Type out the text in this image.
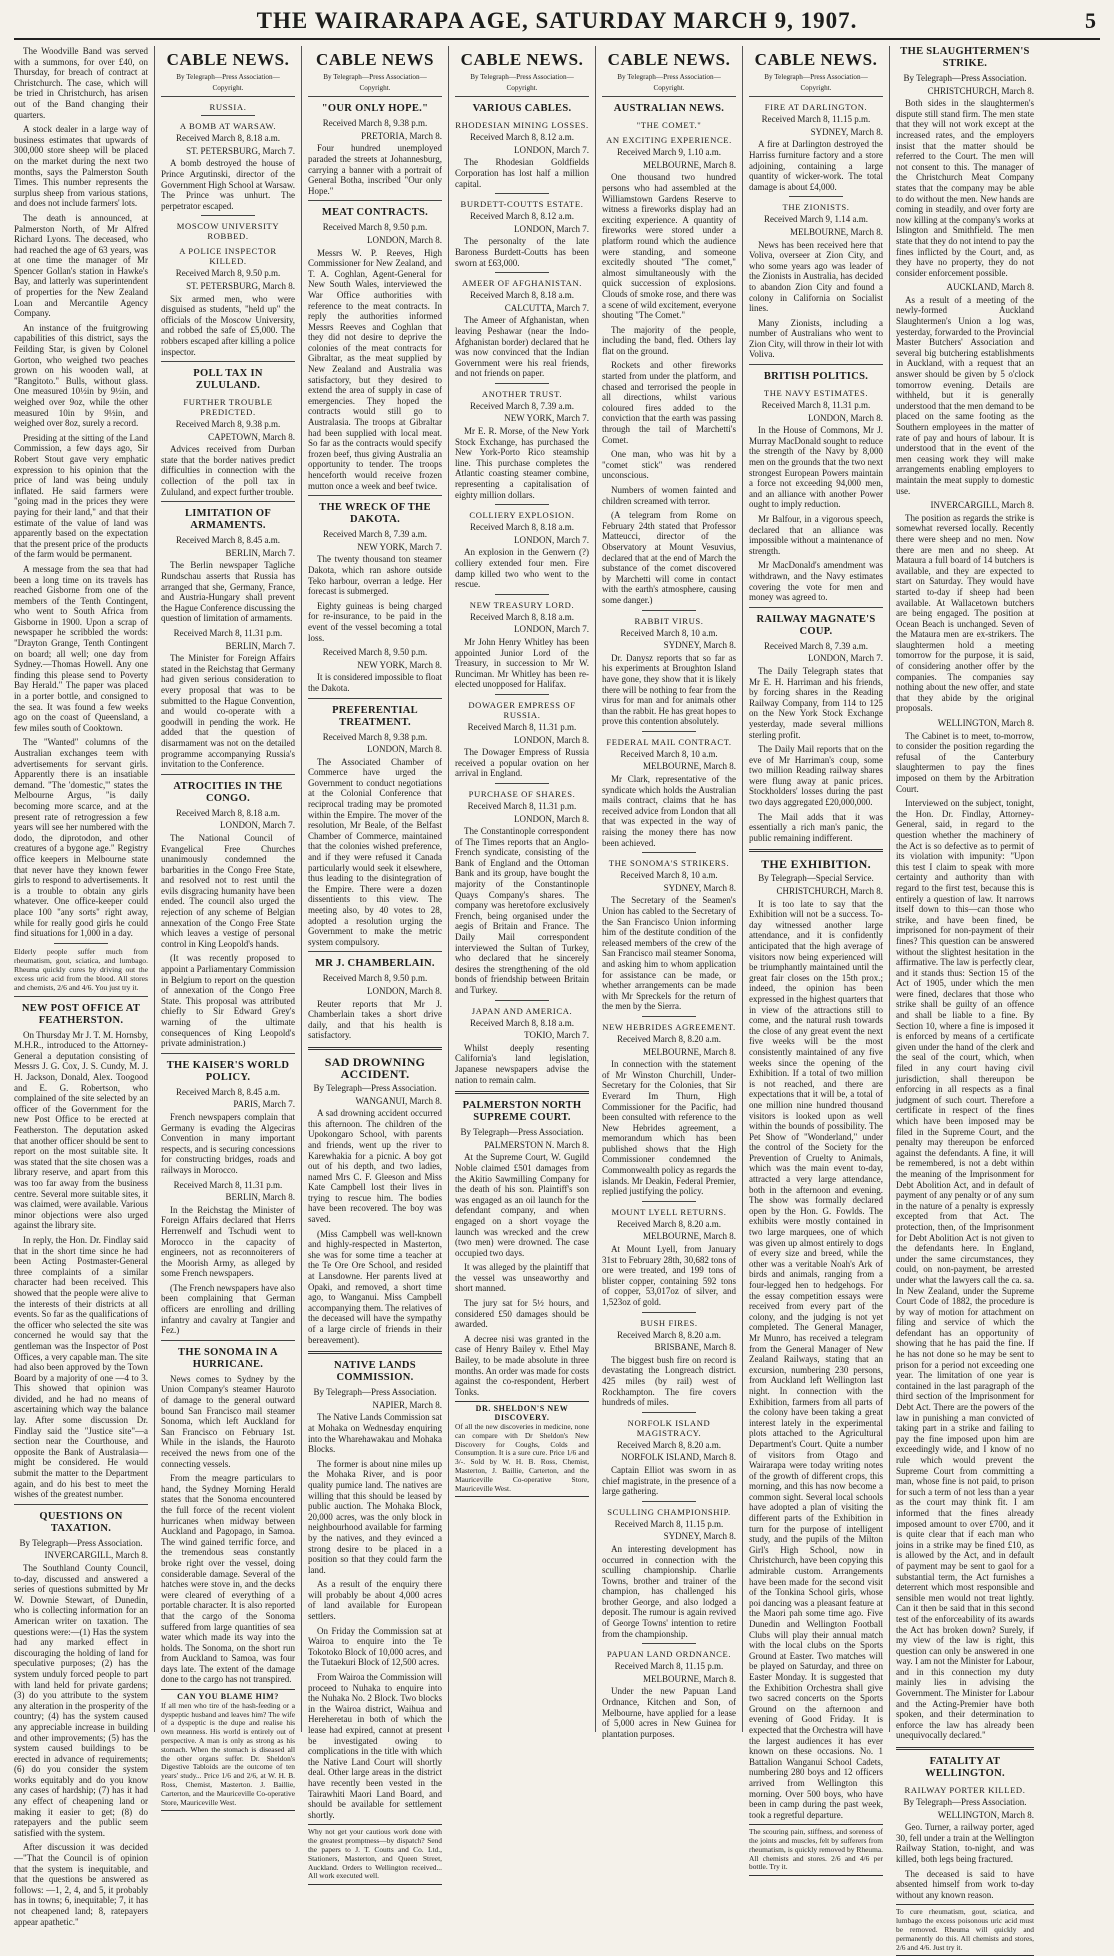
THE WAIRARAPA AGE, SATURDAY MARCH 9, 1907.	5

The Woodville Band was served with a summons, for over £40, on Thursday, for breach of contract at Christchurch. The case, which will be tried in Christchurch, has arisen out of the Band changing their quarters.

A stock dealer in a large way of business estimates that upwards of 300,000 store sheep will be placed on the market during the next two months, says the Palmerston South Times. This number represents the surplus sheep from various stations, and does not include farmers' lots.

The death is announced, at Palmerston North, of Mr Alfred Richard Lyons. The deceased, who had reached the age of 63 years, was at one time the manager of Mr Spencer Gollan's station in Hawke's Bay, and latterly was superintendent of properties for the New Zealand Loan and Mercantile Agency Company.

An instance of the fruitgrowing capabilities of this district, says the Feilding Star, is given by Colonel Gorton, who weighed two peaches grown on his wooden wall, at "Rangitoto." Bulls, without glass. One measured 10½in by 9½in, and weighed over 9oz, while the other measured 10in by 9½in, and weighed over 8oz, surely a record.

Presiding at the sitting of the Land Commission, a few days ago, Sir Robert Stout gave very emphatic expression to his opinion that the price of land was being unduly inflated. He said farmers were "going mad in the prices they were paying for their land," and that their estimate of the value of land was apparently based on the expectation that the present price of the products of the farm would be permanent.

A message from the sea that had been a long time on its travels has reached Gisborne from one of the members of the Tenth Contingent, who went to South Africa from Gisborne in 1900. Upon a scrap of newspaper he scribbled the words: "Drayton Grange, Tenth Contingent on board; all well; one day from Sydney.—Thomas Howell. Any one finding this please send to Poverty Bay Herald." The paper was placed in a porter bottle, and consigned to the sea. It was found a few weeks ago on the coast of Queensland, a few miles south of Cooktown.

The "Wanted" columns of the Australian exchanges teem with advertisements for servant girls. Apparently there is an insatiable demand. "The 'domestic,'" states the Melbourne Argus, "is daily becoming more scarce, and at the present rate of retrogression a few years will see her numbered with the dodo, the diprotodon, and other creatures of a bygone age." Registry office keepers in Melbourne state that never have they known fewer girls to respond to advertisements. It is a trouble to obtain any girls whatever. One office-keeper could place 100 "any sorts" right away, while for really good girls he could find situations for 1,000 in a day.

Elderly people suffer much from rheumatism, gout, sciatica, and lumbago. Rheuma quickly cures by driving out the excess uric acid from the blood. All stores and chemists, 2/6 and 4/6. You just try it.

NEW POST OFFICE AT FEATHERSTON.

On Thursday Mr J. T. M. Hornsby, M.H.R., introduced to the Attorney-General a deputation consisting of Messrs J. G. Cox, J. S. Cundy, M. J. H. Jackson, Donald, Alex. Toogood and E. G. Robertson, who complained of the site selected by an officer of the Government for the new Post Office to be erected at Featherston. The deputation asked that another officer should be sent to report on the most suitable site. It was stated that the site chosen was a library reserve, and apart from this was too far away from the business centre. Several more suitable sites, it was claimed, were available. Various minor objections were also urged against the library site.

In reply, the Hon. Dr. Findlay said that in the short time since he had been Acting Postmaster-General three complaints of a similar character had been received. This showed that the people were alive to the interests of their districts at all events. So far as the qualifications of the officer who selected the site was concerned he would say that the gentleman was the Inspector of Post Offices, a very capable man. The site had also been approved by the Town Board by a majority of one —4 to 3. This showed that opinion was divided, and he had no means of ascertaining which way the balance lay. After some discussion Dr. Findlay said the "Justice site"—a section near the Courthouse, and opposite the Bank of Australasia—might be considered. He would submit the matter to the Department again, and do his best to meet the wishes of the greatest number.

QUESTIONS ON TAXATION.

By Telegraph—Press Association.

INVERCARGILL, March 8.

The Southland County Council, to-day, discussed and answered a series of questions submitted by Mr W. Downie Stewart, of Dunedin, who is collecting information for an American writer on taxation. The questions were:—(1) Has the system had any marked effect in discouraging the holding of land for speculative purposes; (2) has the system unduly forced people to part with land held for private gardens; (3) do you attribute to the system any alteration in the prosperity of the country; (4) has the system caused any appreciable increase in building and other improvements; (5) has the system caused buildings to be erected in advance of requirements; (6) do you consider the system works equitably and do you know any cases of hardship; (7) has it had any effect of cheapening land or making it easier to get; (8) do ratepayers and the public seem satisfied with the system.

After discussion it was decided—"That the Council is of opinion that the system is inequitable, and that the questions be answered as follows: —1, 2, 4, and 5, it probably has in towns; 6, inequitable; 7, it has not cheapened land; 8, ratepayers appear apathetic."

CABLE NEWS.
By Telegraph—Press Association—Copyright.
RUSSIA.
A BOMB AT WARSAW.

Received March 8, 8.18 a.m.

ST. PETERSBURG, March 7.

A bomb destroyed the house of Prince Argutinski, director of the Government High School at Warsaw. The Prince was unhurt. The perpetrator escaped.

MOSCOW UNIVERSITY ROBBED.
A POLICE INSPECTOR KILLED.

Received March 8, 9.50 p.m.

ST. PETERSBURG, March 8.

Six armed men, who were disguised as students, "held up" the officials of the Moscow University, and robbed the safe of £5,000. The robbers escaped after killing a police inspector.

POLL TAX IN ZULULAND.
FURTHER TROUBLE PREDICTED.

Received March 8, 9.38 p.m.

CAPETOWN, March 8.

Advices received from Durban state that the border natives predict difficulties in connection with the collection of the poll tax in Zululand, and expect further trouble.

LIMITATION OF ARMAMENTS.

Received March 8, 8.45 a.m.

BERLIN, March 7.

The Berlin newspaper Tagliche Rundschau asserts that Russia has arranged that she, Germany, France, and Austria-Hungary shall prevent the Hague Conference discussing the question of limitation of armaments.

Received March 8, 11.31 p.m.

BERLIN, March 7.

The Minister for Foreign Affairs stated in the Reichstag that Germany had given serious consideration to every proposal that was to be submitted to the Hague Convention, and would co-operate with a goodwill in pending the work. He added that the question of disarmament was not on the detailed programme accompanying Russia's invitation to the Conference.

ATROCITIES IN THE CONGO.

Received March 8, 8.18 a.m.

LONDON, March 7.

The National Council of Evangelical Free Churches unanimously condemned the barbarities in the Congo Free State, and resolved not to rest until the evils disgracing humanity have been ended. The council also urged the rejection of any scheme of Belgian annexation of the Congo Free State which leaves a vestige of personal control in King Leopold's hands.

(It was recently proposed to appoint a Parliamentary Commission in Belgium to report on the question of annexation of the Congo Free State. This proposal was attributed chiefly to Sir Edward Grey's warning of the ultimate consequences of King Leopold's private administration.)

THE KAISER'S WORLD POLICY.

Received March 8, 8.45 a.m.

PARIS, March 7.

French newspapers complain that Germany is evading the Algeciras Convention in many important respects, and is securing concessions for constructing bridges, roads and railways in Morocco.

Received March 8, 11.31 p.m.

BERLIN, March 8.

In the Reichstag the Minister of Foreign Affairs declared that Herrs Herrenwelf and Tschudi went to Morocco in the capacity of engineers, not as reconnoiterers of the Moorish Army, as alleged by some French newspapers.

(The French newspapers have also been complaining that German officers are enrolling and drilling infantry and cavalry at Tangier and Fez.)

THE SONOMA IN A HURRICANE.

News comes to Sydney by the Union Company's steamer Hauroto of damage to the general outward bound San Francisco mail steamer Sonoma, which left Auckland for San Francisco on February 1st. While in the islands, the Hauroto received the news from one of the connecting vessels.

From the meagre particulars to hand, the Sydney Morning Herald states that the Sonoma encountered the full force of the recent violent hurricanes when midway between Auckland and Pagopago, in Samoa. The wind gained terrific force, and the tremendous seas constantly broke right over the vessel, doing considerable damage. Several of the hatches were stove in, and the decks were cleared of everything of a portable character. It is also reported that the cargo of the Sonoma suffered from large quantities of sea water which made its way into the holds. The Sonoma, on the short run from Auckland to Samoa, was four days late. The extent of the damage done to the cargo has not transpired.

CAN YOU BLAME HIM?
If all men who tire of the hash-feeding or a dyspeptic husband and leaves him? The wife of a dyspeptic is the dupe and realise his own meanness. His world is entirely out of perspective. A man is only as strong as his stomach. When the stomach is diseased all the other organs suffer. Dr. Sheldon's Digestive Tabloids are the outcome of ten years' study... Price 1/6 and 2/6, at W. H. B. Ross, Chemist, Masterton. J. Baillie, Carterton, and the Mauriceville Co-operative Store, Mauriceville West.
CABLE NEWS
By Telegraph—Press Association—Copyright.
"OUR ONLY HOPE."

Received March 8, 9.38 p.m.

PRETORIA, March 8.

Four hundred unemployed paraded the streets at Johannesburg, carrying a banner with a portrait of General Botha, inscribed "Our only Hope."

MEAT CONTRACTS.

Received March 8, 9.50 p.m.

LONDON, March 8.

Messrs W. P. Reeves, High Commissioner for New Zealand, and T. A. Coghlan, Agent-General for New South Wales, interviewed the War Office authorities with reference to the meat contracts. In reply the authorities informed Messrs Reeves and Coghlan that they did not desire to deprive the colonies of the meat contracts for Gibraltar, as the meat supplied by New Zealand and Australia was satisfactory, but they desired to extend the area of supply in case of emergencies. They hoped the contracts would still go to Australasia. The troops at Gibraltar had been supplied with local meat. So far as the contracts would specify frozen beef, thus giving Australia an opportunity to tender. The troops henceforth would receive frozen mutton once a week and beef twice.

THE WRECK OF THE DAKOTA.

Received March 8, 7.39 a.m.

NEW YORK, March 7.

The twenty thousand ton steamer Dakota, which ran ashore outside Teko harbour, overran a ledge. Her forecast is submerged.

Eighty guineas is being charged for re-insurance, to be paid in the event of the vessel becoming a total loss.

Received March 8, 9.50 p.m.

NEW YORK, March 8.

It is considered impossible to float the Dakota.

PREFERENTIAL TREATMENT.

Received March 8, 9.38 p.m.

LONDON, March 8.

The Associated Chamber of Commerce have urged the Government to conduct negotiations at the Colonial Conference that reciprocal trading may be promoted within the Empire. The mover of the resolution, Mr Beale, of the Belfast Chamber of Commerce, maintained that the colonies wished preference, and if they were refused it Canada particularly would seek it elsewhere, thus leading to the disintegration of the Empire. There were a dozen dissentients to this view. The meeting also, by 40 votes to 28, adopted a resolution urging the Government to make the metric system compulsory.

MR J. CHAMBERLAIN.

Received March 8, 9.50 p.m.

LONDON, March 8.

Reuter reports that Mr J. Chamberlain takes a short drive daily, and that his health is satisfactory.

SAD DROWNING ACCIDENT.

By Telegraph—Press Association.

WANGANUI, March 8.

A sad drowning accident occurred this afternoon. The children of the Upokongaro School, with parents and friends, went up the river to Karewhakia for a picnic. A boy got out of his depth, and two ladies, named Mrs C. F. Gleeson and Miss Kate Campbell lost their lives in trying to rescue him. The bodies have been recovered. The boy was saved.

(Miss Campbell was well-known and highly-respected in Masterton, she was for some time a teacher at the Te Ore Ore School, and resided at Lansdowne. Her parents lived at Opaki, and removed, a short time ago, to Wanganui. Miss Campbell accompanying them. The relatives of the deceased will have the sympathy of a large circle of friends in their bereavement).

NATIVE LANDS COMMISSION.

By Telegraph—Press Association.

NAPIER, March 8.

The Native Lands Commission sat at Mohaka on Wednesday enquiring into the Wharehawakau and Mohaka Blocks.

The former is about nine miles up the Mohaka River, and is poor quality pumice land. The natives are willing that this should be leased by public auction. The Mohaka Block, 20,000 acres, was the only block in neighbourhood available for farming by the natives, and they evinced a strong desire to be placed in a position so that they could farm the land.

As a result of the enquiry there will probably be about 4,000 acres of land available for European settlers.

On Friday the Commission sat at Wairoa to enquire into the Te Tokotoko Block of 10,000 acres, and the Tutaekuri Block of 12,500 acres.

From Wairoa the Commission will proceed to Nuhaka to enquire into the Nuhaka No. 2 Block. Two blocks in the Wairoa district, Waihua and Hereheretau in both of which the lease had expired, cannot at present be investigated owing to complications in the title with which the Native Land Court will shortly deal. Other large areas in the district have recently been vested in the Tairawhiti Maori Land Board, and should be available for settlement shortly.

Why not get your cautious work done with the greatest promptness—by dispatch? Send the papers to J. T. Coutts and Co. Ltd., Stationers, Masterton, and Queen Street, Auckland. Orders to Wellington received... All work executed well.
CABLE NEWS.
By Telegraph—Press Association—Copyright.
VARIOUS CABLES.
RHODESIAN MINING LOSSES.

Received March 8, 8.12 a.m.

LONDON, March 7.

The Rhodesian Goldfields Corporation has lost half a million capital.

BURDETT-COUTTS ESTATE.

Received March 8, 8.12 a.m.

LONDON, March 7.

The personalty of the late Baroness Burdett-Coutts has been sworn at £63,000.

AMEER OF AFGHANISTAN.

Received March 8, 8.18 a.m.

CALCUTTA, March 7.

The Ameer of Afghanistan, when leaving Peshawar (near the Indo-Afghanistan border) declared that he was now convinced that the Indian Government were his real friends, and not friends on paper.

ANOTHER TRUST.

Received March 8, 7.39 a.m.

NEW YORK, March 7.

Mr E. R. Morse, of the New York Stock Exchange, has purchased the New York-Porto Rico steamship line. This purchase completes the Atlantic coasting steamer combine, representing a capitalisation of eighty million dollars.

COLLIERY EXPLOSION.

Received March 8, 8.18 a.m.

LONDON, March 7.

An explosion in the Genwern (?) colliery extended four men. Fire damp killed two who went to the rescue.

NEW TREASURY LORD.

Received March 8, 8.18 a.m.

LONDON, March 7.

Mr John Henry Whitley has been appointed Junior Lord of the Treasury, in succession to Mr W. Runciman. Mr Whitley has been re-elected unopposed for Halifax.

DOWAGER EMPRESS OF RUSSIA.

Received March 8, 11.31 p.m.

LONDON, March 8.

The Dowager Empress of Russia received a popular ovation on her arrival in England.

PURCHASE OF SHARES.

Received March 8, 11.31 p.m.

LONDON, March 8.

The Constantinople correspondent of The Times reports that an Anglo-French syndicate, consisting of the Bank of England and the Ottoman Bank and its group, have bought the majority of the Constantinople Quays Company's shares. The company was heretofore exclusively French, being organised under the aegis of Britain and France. The Daily Mail correspondent interviewed the Sultan of Turkey, who declared that he sincerely desires the strengthening of the old bonds of friendship between Britain and Turkey.

JAPAN AND AMERICA.

Received March 8, 8.18 a.m.

TOKIO, March 7.

Whilst deeply resenting California's land legislation, Japanese newspapers advise the nation to remain calm.

PALMERSTON NORTH SUPREME COURT.

By Telegraph—Press Association.

PALMERSTON N. March 8.

At the Supreme Court, W. Gugild Noble claimed £501 damages from the Akitio Sawmilling Company for the death of his son. Plaintiff's son was engaged as an oil launch for the defendant company, and when engaged on a short voyage the launch was wrecked and the crew (two men) were drowned. The case occupied two days.

It was alleged by the plaintiff that the vessel was unseaworthy and short manned.

The jury sat for 5½ hours, and considered £50 damages should be awarded.

A decree nisi was granted in the case of Henry Bailey v. Ethel May Bailey, to be made absolute in three months. An order was made for costs against the co-respondent, Herbert Tonks.

DR. SHELDON'S NEW DISCOVERY.
Of all the new discoveries in medicine, none can compare with Dr Sheldon's New Discovery for Coughs, Colds and Consumption. It is a sure cure. Price 1/6 and 3/-. Sold by W. H. B. Ross, Chemist, Masterton, J. Baillie, Carterton, and the Mauriceville Co-operative Store, Mauriceville West.
CABLE NEWS.
By Telegraph—Press Association—Copyright.
AUSTRALIAN NEWS.
"THE COMET."
AN EXCITING EXPERIENCE.

Received March 9, 1.10 a.m.

MELBOURNE, March 8.

One thousand two hundred persons who had assembled at the Williamstown Gardens Reserve to witness a fireworks display had an exciting experience. A quantity of fireworks were stored under a platform round which the audience were standing, and someone excitedly shouted "The comet," almost simultaneously with the quick succession of explosions. Clouds of smoke rose, and there was a scene of wild excitement, everyone shouting "The Comet."

The majority of the people, including the band, fled. Others lay flat on the ground.

Rockets and other fireworks started from under the platform, and chased and terrorised the people in all directions, whilst various coloured fires added to the conviction that the earth was passing through the tail of Marchetti's Comet.

One man, who was hit by a "comet stick" was rendered unconscious.

Numbers of women fainted and children screamed with terror.

(A telegram from Rome on February 24th stated that Professor Matteucci, director of the Observatory at Mount Vesuvius, declared that at the end of March the substance of the comet discovered by Marchetti will come in contact with the earth's atmosphere, causing some danger.)

RABBIT VIRUS.

Received March 8, 10 a.m.

SYDNEY, March 8.

Dr. Danysz reports that so far as his experiments at Broughton Island have gone, they show that it is likely there will be nothing to fear from the virus for man and for animals other than the rabbit. He has great hopes to prove this contention absolutely.

FEDERAL MAIL CONTRACT.

Received March 8, 10 a.m.

MELBOURNE, March 8.

Mr Clark, representative of the syndicate which holds the Australian mails contract, claims that he has received advice from London that all that was expected in the way of raising the money there has now been achieved.

THE SONOMA'S STRIKERS.

Received March 8, 10 a.m.

SYDNEY, March 8.

The Secretary of the Seamen's Union has cabled to the Secretary of the San Francisco Union informing him of the destitute condition of the released members of the crew of the San Francisco mail steamer Sonoma, and asking him to whom application for assistance can be made, or whether arrangements can be made with Mr Spreckels for the return of the men by the Sierra.

NEW HEBRIDES AGREEMENT.

Received March 8, 8.20 a.m.

MELBOURNE, March 8.

In connection with the statement of Mr Winston Churchill, Under-Secretary for the Colonies, that Sir Everard Im Thurn, High Commissioner for the Pacific, had been consulted with reference to the New Hebrides agreement, a memorandum which has been published shows that the High Commissioner condemned the Commonwealth policy as regards the islands. Mr Deakin, Federal Premier, replied justifying the policy.

MOUNT LYELL RETURNS.

Received March 8, 8.20 a.m.

MELBOURNE, March 8.

At Mount Lyell, from January 31st to February 28th, 30,682 tons of ore were treated, and 199 tons of blister copper, containing 592 tons of copper, 53,017oz of silver, and 1,523oz of gold.

BUSH FIRES.

Received March 8, 8.20 a.m.

BRISBANE, March 8.

The biggest bush fire on record is devastating the Longreach district. 425 miles (by rail) west of Rockhampton. The fire covers hundreds of miles.

NORFOLK ISLAND MAGISTRACY.

Received March 8, 8.20 a.m.

NORFOLK ISLAND, March 8.

Captain Elliot was sworn in as chief magistrate, in the presence of a large gathering.

SCULLING CHAMPIONSHIP.

Received March 8, 11.15 p.m.

SYDNEY, March 8.

An interesting development has occurred in connection with the sculling championship. Charlie Towns, brother and trainer of the champion, has challenged his brother George, and also lodged a deposit. The rumour is again revived of George Towns' intention to retire from the championship.

PAPUAN LAND ORDNANCE.

Received March 8, 11.15 p.m.

MELBOURNE, March 8.

Under the new Papuan Land Ordnance, Kitchen and Son, of Melbourne, have applied for a lease of 5,000 acres in New Guinea for plantation purposes.

CABLE NEWS.
By Telegraph—Press Association—Copyright.
FIRE AT DARLINGTON.

Received March 8, 11.15 p.m.

SYDNEY, March 8.

A fire at Darlington destroyed the Harriss furniture factory and a store adjoining, containing a large quantity of wicker-work. The total damage is about £4,000.

THE ZIONISTS.

Received March 9, 1.14 a.m.

MELBOURNE, March 8.

News has been received here that Voliva, overseer at Zion City, and who some years ago was leader of the Zionists in Australia, has decided to abandon Zion City and found a colony in California on Socialist lines.

Many Zionists, including a number of Australians who went to Zion City, will throw in their lot with Voliva.

BRITISH POLITICS.
THE NAVY ESTIMATES.

Received March 8, 11.31 p.m.

LONDON, March 8.

In the House of Commons, Mr J. Murray MacDonald sought to reduce the strength of the Navy by 8,000 men on the grounds that the two next strongest European Powers maintain a force not exceeding 94,000 men, and an alliance with another Power ought to imply reduction.

Mr Balfour, in a vigorous speech, declared that an alliance was impossible without a maintenance of strength.

Mr MacDonald's amendment was withdrawn, and the Navy estimates covering the vote for men and money was agreed to.

RAILWAY MAGNATE'S COUP.

Received March 8, 7.39 a.m.

LONDON, March 7.

The Daily Telegraph states that Mr E. H. Harriman and his friends, by forcing shares in the Reading Railway Company, from 114 to 125 on the New York Stock Exchange yesterday, made several millions sterling profit.

The Daily Mail reports that on the eve of Mr Harriman's coup, some two million Reading railway shares were flung away at panic prices. Stockholders' losses during the past two days aggregated £20,000,000.

The Mail adds that it was essentially a rich man's panic, the public remaining indifferent.

THE EXHIBITION.

By Telegraph—Special Service.

CHRISTCHURCH, March 8.

It is too late to say that the Exhibition will not be a success. To-day witnessed another large attendance, and it is confidently anticipated that the high average of visitors now being experienced will be triumphantly maintained until the great fair closes on the 15th prox.; indeed, the opinion has been expressed in the highest quarters that in view of the attractions still to come, and the natural rush towards the close of any great event the next five weeks will be the most consistently maintained of any five weeks since the opening of the Exhibition. If a total of two million is not reached, and there are expectations that it will be, a total of one million nine hundred thousand visitors is looked upon as well within the bounds of possibility. The Pet Show of "Wonderland," under the control of the Society for the Prevention of Cruelty to Animals, which was the main event to-day, attracted a very large attendance, both in the afternoon and evening. The show was formally declared open by the Hon. G. Fowlds. The exhibits were mostly contained in two large marquees, one of which was given up almost entirely to dogs of every size and breed, while the other was a veritable Noah's Ark of birds and animals, ranging from a four-legged hen to hedgehogs. For the essay competition essays were received from every part of the colony, and the judging is not yet completed. The General Manager, Mr Munro, has received a telegram from the General Manager of New Zealand Railways, stating that an excursion, numbering 230 persons, from Auckland left Wellington last night. In connection with the Exhibition, farmers from all parts of the colony have been taking a great interest lately in the experimental plots attached to the Agricultural Department's Court. Quite a number of visitors from Otago and Wairarapa were today writing notes of the growth of different crops, this morning, and this has now become a common sight. Several local schools have adopted a plan of visiting the different parts of the Exhibition in turn for the purpose of intelligent study, and the pupils of the Milton Girl's High School, now in Christchurch, have been copying this admirable custom. Arrangements have been made for the second visit of the Tonkina School girls, whose poi dancing was a pleasant feature at the Maori pah some time ago. Five Dunedin and Wellington Football Clubs will play their annual match with the local clubs on the Sports Ground at Easter. Two matches will be played on Saturday, and three on Easter Monday. It is suggested that the Exhibition Orchestra shall give two sacred concerts on the Sports Ground on the afternoon and evening of Good Friday. It is expected that the Orchestra will have the largest audiences it has ever known on these occasions. No. 1 Battalion Wanganui School Cadets, numbering 280 boys and 12 officers arrived from Wellington this morning. Over 500 boys, who have been in camp during the past week, took a regretful departure.

The scouring pain, stiffness, and soreness of the joints and muscles, felt by sufferers from rheumatism, is quickly removed by Rheuma. All chemists and stores. 2/6 and 4/6 per bottle. Try it.
THE SLAUGHTERMEN'S STRIKE.

By Telegraph—Press Association.

CHRISTCHURCH, March 8.

Both sides in the slaughtermen's dispute still stand firm. The men state that they will not work except at the increased rates, and the employers insist that the matter should be referred to the Court. The men will not consent to this. The manager of the Christchurch Meat Company states that the company may be able to do without the men. New hands are coming in steadily, and over forty are now killing at the company's works at Islington and Smithfield. The men state that they do not intend to pay the fines inflicted by the Court, and, as they have no property, they do not consider enforcement possible.

AUCKLAND, March 8.

As a result of a meeting of the newly-formed Auckland Slaughtermen's Union a log was, yesterday, forwarded to the Provincial Master Butchers' Association and several big butchering establishments in Auckland, with a request that an answer should be given by 5 o'clock tomorrow evening. Details are withheld, but it is generally understood that the men demand to be placed on the same footing as the Southern employees in the matter of rate of pay and hours of labour. It is understood that in the event of the men ceasing work they will make arrangements enabling employers to maintain the meat supply to domestic use.

INVERCARGILL, March 8.

The position as regards the strike is somewhat reversed locally. Recently there were sheep and no men. Now there are men and no sheep. At Mataura a full board of 14 butchers is available, and they are expected to start on Saturday. They would have started to-day if sheep had been available. At Wallacetown butchers are being engaged. The position at Ocean Beach is unchanged. Seven of the Mataura men are ex-strikers. The slaughtermen hold a meeting tomorrow for the purpose, it is said, of considering another offer by the companies. The companies say nothing about the new offer, and state that they abide by the original proposals.

WELLINGTON, March 8.

The Cabinet is to meet, to-morrow, to consider the position regarding the refusal of the Canterbury slaughtermen to pay the fines imposed on them by the Arbitration Court.

Interviewed on the subject, tonight, the Hon. Dr. Findlay, Attorney-General, said, in regard to the question whether the machinery of the Act is so defective as to permit of its violation with impunity: "Upon this test I claim to speak with more certainty and authority than with regard to the first test, because this is entirely a question of law. It narrows itself down to this—can those who strike, and have been fined, be imprisoned for non-payment of their fines? This question can be answered without the slightest hesitation in the affirmative. The law is perfectly clear, and it stands thus: Section 15 of the Act of 1905, under which the men were fined, declares that those who strike shall be guilty of an offence and shall be liable to a fine. By Section 10, where a fine is imposed it is enforced by means of a certificate given under the hand of the clerk and the seal of the court, which, when filed in any court having civil jurisdiction, shall thereupon be enforcing in all respects as a final judgment of such court. Therefore a certificate in respect of the fines which have been imposed may be filed in the Supreme Court, and the penalty may thereupon be enforced against the defendants. A fine, it will be remembered, is not a debt within the meaning of the Imprisonment for Debt Abolition Act, and in default of payment of any penalty or of any sum in the nature of a penalty is expressly excepted from that Act. The protection, then, of the Imprisonment for Debt Abolition Act is not given to the defendants here. In England, under the same circumstances, they could, on non-payment, be arrested under what the lawyers call the ca. sa. In New Zealand, under the Supreme Court Code of 1882, the procedure is by way of motion for attachment on filing and service of which the defendant has an opportunity of showing that he has paid the fine. If he has not done so he may be sent to prison for a period not exceeding one year. The limitation of one year is contained in the last paragraph of the third section of the Imprisonment for Debt Act. There are the powers of the law in punishing a man convicted of taking part in a strike and failing to pay the fine imposed upon him are exceedingly wide, and I know of no rule which would prevent the Supreme Court from committing a man, whose fine is not paid, to prison for such a term of not less than a year as the court may think fit. I am informed that the fines already imposed amount to over £700, and it is quite clear that if each man who joins in a strike may be fined £10, as is allowed by the Act, and in default of payment may be sent to gaol for a substantial term, the Act furnishes a deterrent which most responsible and sensible men would not treat lightly. Can it then be said that in this second test of the enforceability of its awards the Act has broken down? Surely, if my view of the law is right, this question can only be answered in one way. I am not the Minister for Labour, and in this connection my duty mainly lies in advising the Government. The Minister for Labour and the Acting-Premier have both spoken, and their determination to enforce the law has already been unequivocally declared."

FATALITY AT WELLINGTON.
RAILWAY PORTER KILLED.

By Telegraph—Press Association.

WELLINGTON, March 8.

Geo. Turner, a railway porter, aged 30, fell under a train at the Wellington Railway Station, to-night, and was killed, both legs being fractured.

The deceased is said to have absented himself from work to-day without any known reason.

To cure rheumatism, gout, sciatica, and lumbago the excess poisonous uric acid must be removed. Rheuma will quickly and permanently do this. All chemists and stores, 2/6 and 4/6. Just try it.
